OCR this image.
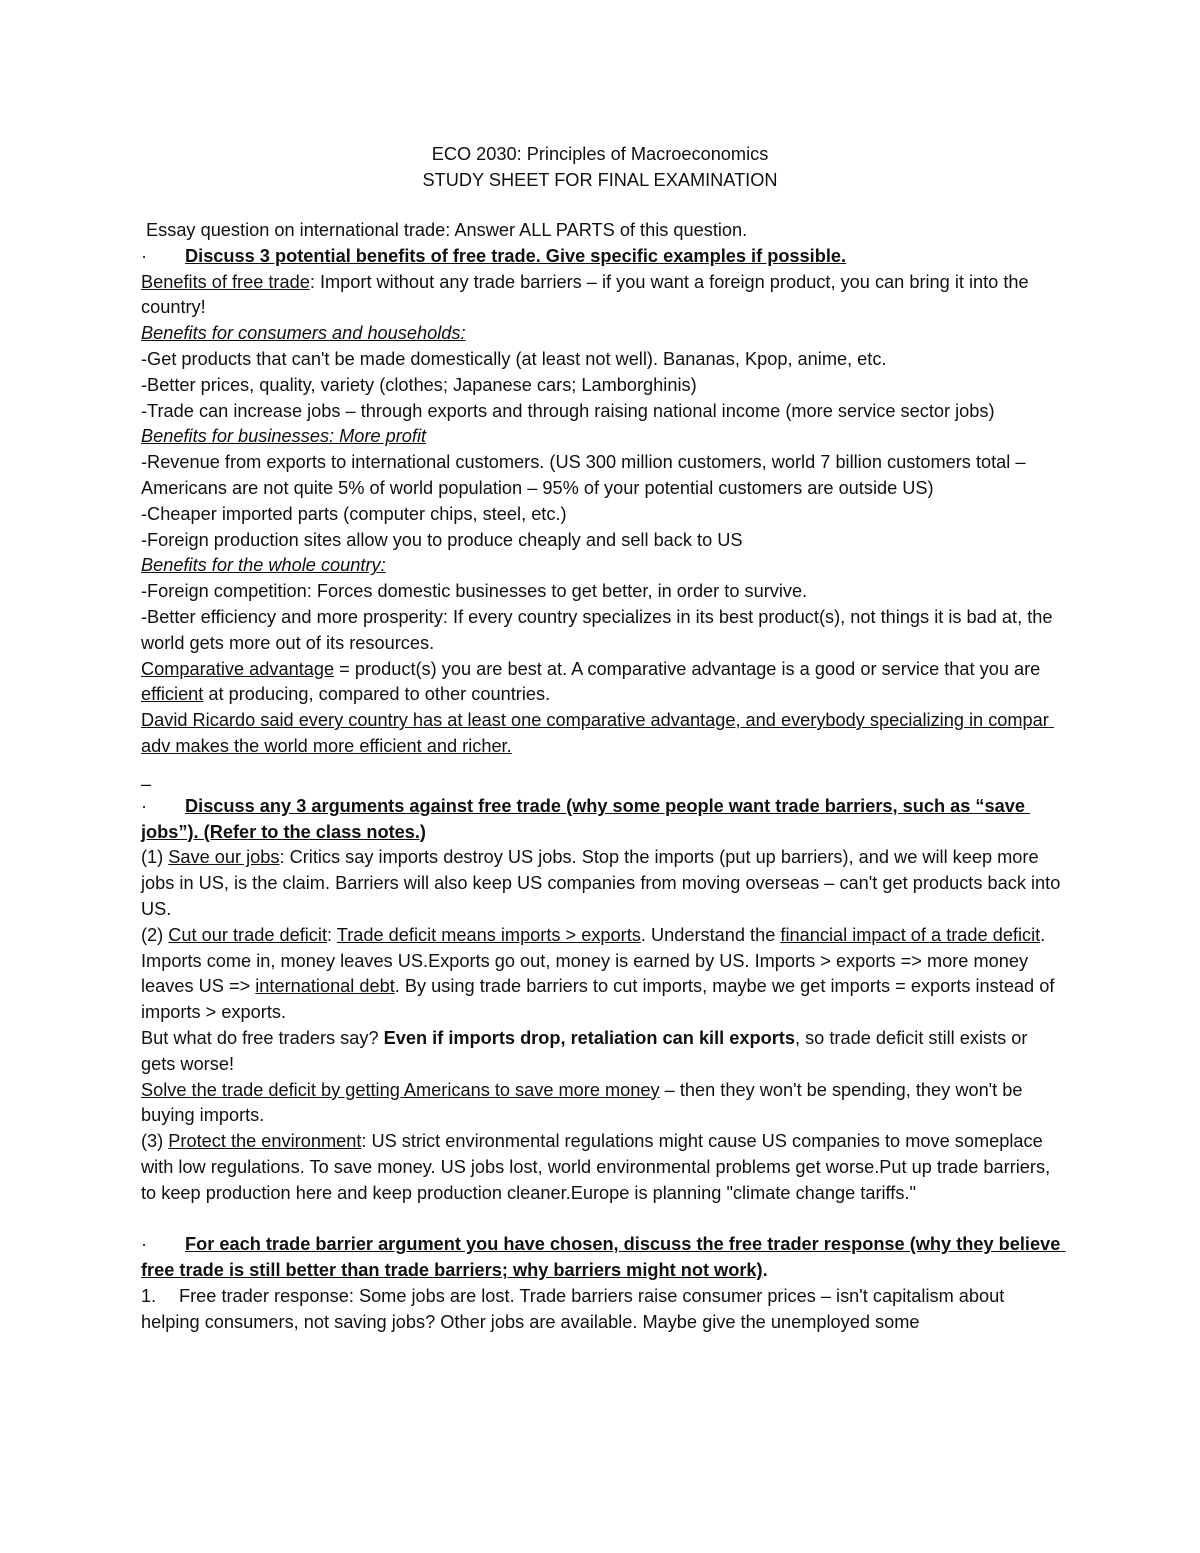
ECO 2030: Principles of Macroeconomics

STUDY SHEET FOR FINAL EXAMINATION

Essay question on international trade: Answer ALL PARTS of this question.

· Discuss 3 potential benefits of free trade. Give specific examples if possible.

Benefits of free trade: Import without any trade barriers – if you want a foreign product, you can bring it into the country!

Benefits for consumers and households:

-Get products that can't be made domestically (at least not well). Bananas, Kpop, anime, etc.

-Better prices, quality, variety (clothes; Japanese cars; Lamborghinis)

-Trade can increase jobs – through exports and through raising national income (more service sector jobs)

Benefits for businesses: More profit

-Revenue from exports to international customers. (US 300 million customers, world 7 billion customers total – Americans are not quite 5% of world population – 95% of your potential customers are outside US)

-Cheaper imported parts (computer chips, steel, etc.)

-Foreign production sites allow you to produce cheaply and sell back to US

Benefits for the whole country:

-Foreign competition: Forces domestic businesses to get better, in order to survive.

-Better efficiency and more prosperity: If every country specializes in its best product(s), not things it is bad at, the world gets more out of its resources.

Comparative advantage = product(s) you are best at. A comparative advantage is a good or service that you are efficient at producing, compared to other countries.

David Ricardo said every country has at least one comparative advantage, and everybody specializing in compar adv makes the world more efficient and richer.

–

· Discuss any 3 arguments against free trade (why some people want trade barriers, such as “save jobs”). (Refer to the class notes.)

(1) Save our jobs: Critics say imports destroy US jobs. Stop the imports (put up barriers), and we will keep more jobs in US, is the claim. Barriers will also keep US companies from moving overseas – can't get products back into US.

(2) Cut our trade deficit: Trade deficit means imports > exports. Understand the financial impact of a trade deficit.

Imports come in, money leaves US.Exports go out, money is earned by US. Imports > exports => more money leaves US => international debt. By using trade barriers to cut imports, maybe we get imports = exports instead of imports > exports.

But what do free traders say? Even if imports drop, retaliation can kill exports, so trade deficit still exists or gets worse!

Solve the trade deficit by getting Americans to save more money – then they won't be spending, they won't be buying imports.

(3) Protect the environment: US strict environmental regulations might cause US companies to move someplace with low regulations. To save money. US jobs lost, world environmental problems get worse.Put up trade barriers, to keep production here and keep production cleaner.Europe is planning "climate change tariffs."

· For each trade barrier argument you have chosen, discuss the free trader response (why they believe free trade is still better than trade barriers; why barriers might not work).

1. Free trader response: Some jobs are lost. Trade barriers raise consumer prices – isn't capitalism about helping consumers, not saving jobs? Other jobs are available. Maybe give the unemployed some
